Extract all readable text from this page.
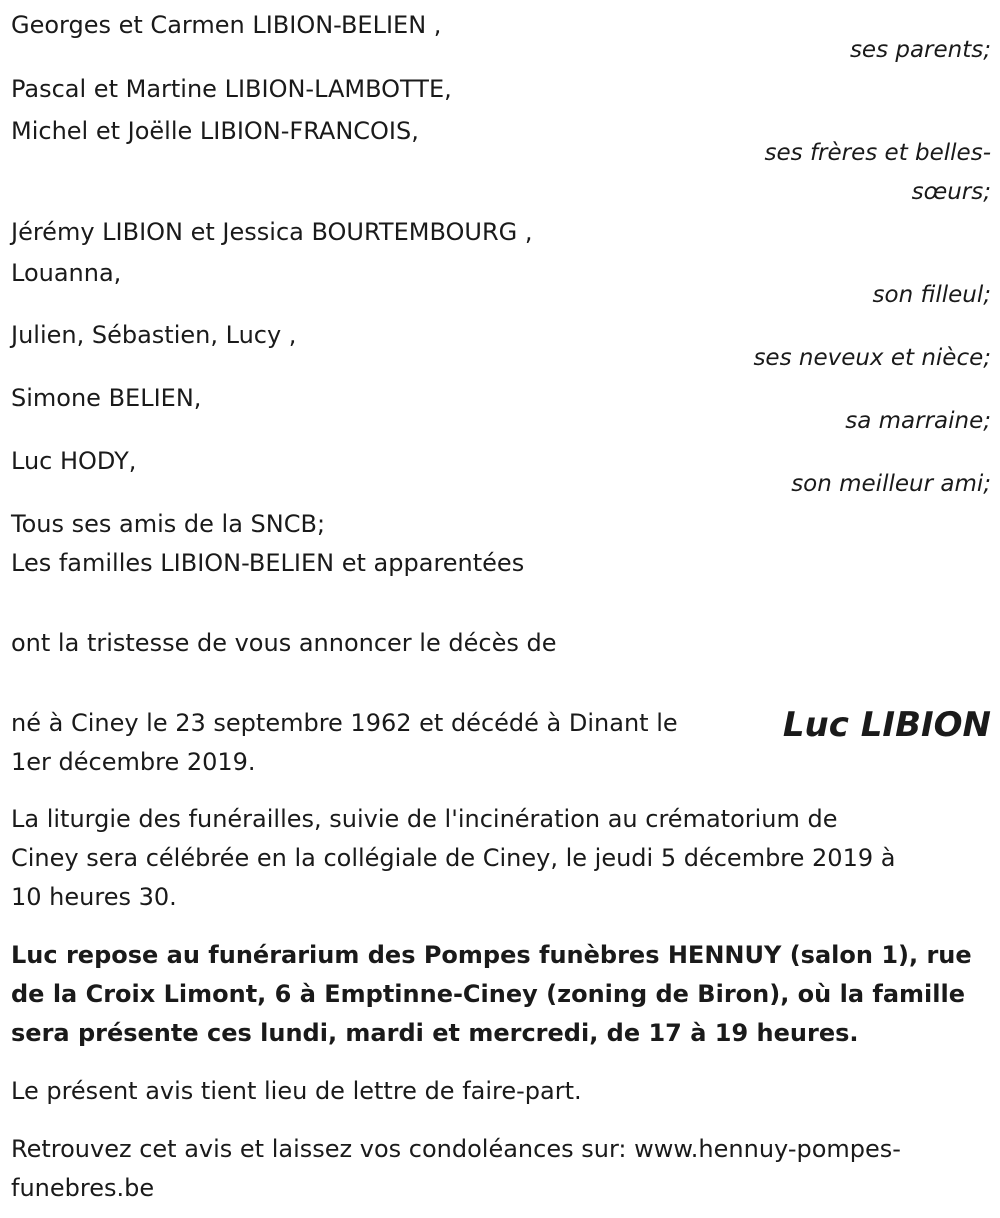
Georges et Carmen LIBION-BELIEN ,
ses parents;
Pascal et Martine LIBION-LAMBOTTE,
Michel et Joëlle LIBION-FRANCOIS,
ses frères et belles-
sœurs;
Jérémy LIBION et Jessica BOURTEMBOURG ,
Louanna,
son filleul;
Julien, Sébastien, Lucy ,
ses neveux et nièce;
Simone BELIEN,
sa marraine;
Luc HODY,
son meilleur ami;
Tous ses amis de la SNCB;
Les familles LIBION-BELIEN et apparentées
ont la tristesse de vous annoncer le décès de
Luc LIBION
né à Ciney le 23 septembre 1962 et décédé à Dinant le
1er décembre 2019.
La liturgie des funérailles, suivie de l'incinération au crématorium de
Ciney sera célébrée en la collégiale de Ciney, le jeudi 5 décembre 2019 à
10 heures 30.
Luc repose au funérarium des Pompes funèbres HENNUY (salon 1), rue
de la Croix Limont, 6 à Emptinne-Ciney (zoning de Biron), où la famille
sera présente ces lundi, mardi et mercredi, de 17 à 19 heures.
Le présent avis tient lieu de lettre de faire-part.
Retrouvez cet avis et laissez vos condoléances sur: www.hennuy-pompes-
funebres.be
